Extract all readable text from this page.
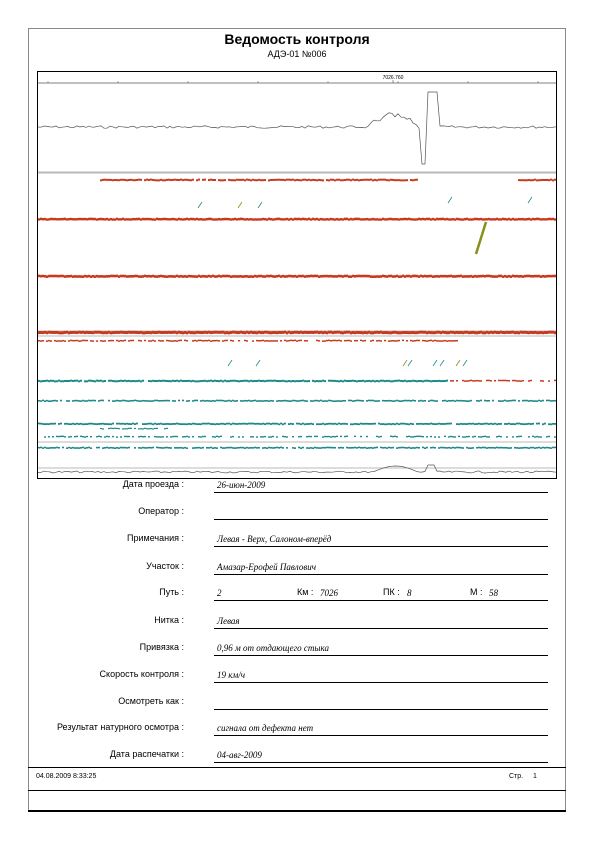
Ведомость контроля
АДЭ-01 №006
7026.760
Дата проезда :	26-июн-2009
Оператор :
Примечания :	Левая - Верх, Салоном-вперёд
Участок :	Амазар-Ерофей Павлович
Путь :	2	Км : 7026	ПК : 8	М : 58
Нитка :	Левая
Привязка :	0,96 м от отдающего стыка
Скорость контроля :	19 км/ч
Осмотреть как :
Результат натурного осмотра :	сигнала от дефекта нет
Дата распечатки :	04-авг-2009
04.08.2009 8:33:25	Стр. 1
